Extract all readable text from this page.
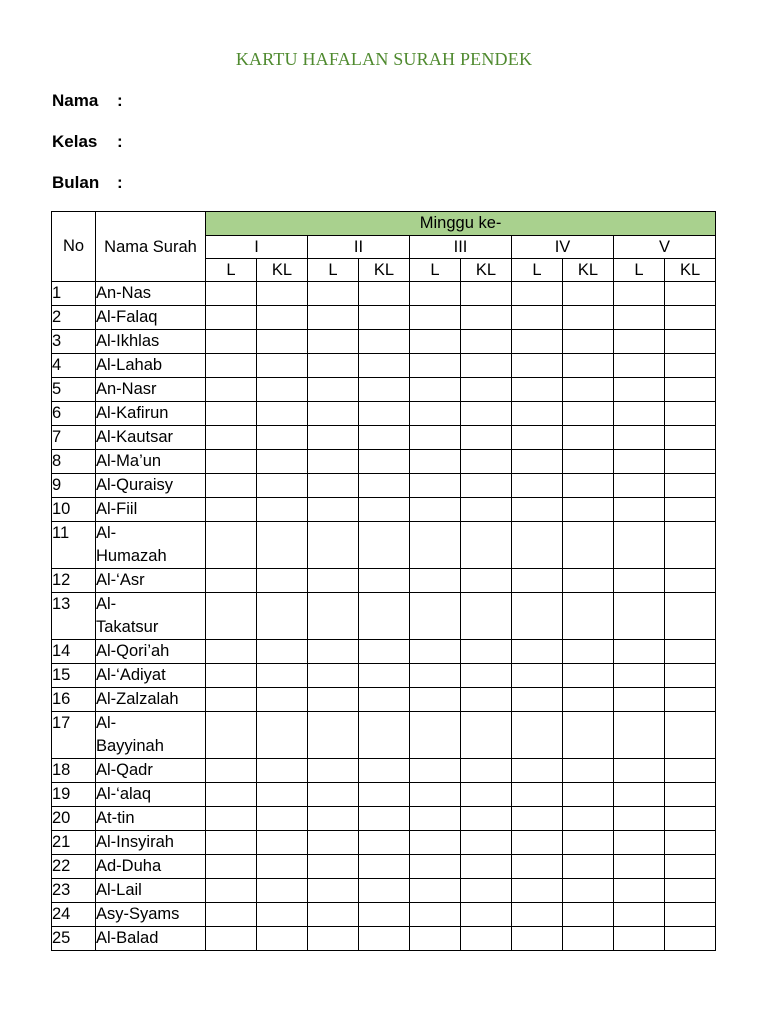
KARTU HAFALAN SURAH PENDEK
Nama :
Kelas :
Bulan :
No	Nama Surah	Minggu ke-									
		I		II		III		IV		V	
		L	KL	L	KL	L	KL	L	KL	L	KL
1	An-Nas										
2	Al-Falaq										
3	Al-Ikhlas										
4	Al-Lahab										
5	An-Nasr										
6	Al-Kafirun										
7	Al-Kautsar										
8	Al-Ma’un										
9	Al-Quraisy										
10	Al-Fiil										
11	Al-
Humazah										

12	Al-‘Asr										
13	Al-
Takatsur										

14	Al-Qori’ah										
15	Al-‘Adiyat										
16	Al-Zalzalah										
17	Al-
Bayyinah										

18	Al-Qadr										
19	Al-‘alaq										
20	At-tin										
21	Al-Insyirah										
22	Ad-Duha										
23	Al-Lail										
24	Asy-Syams										
25	Al-Balad										
